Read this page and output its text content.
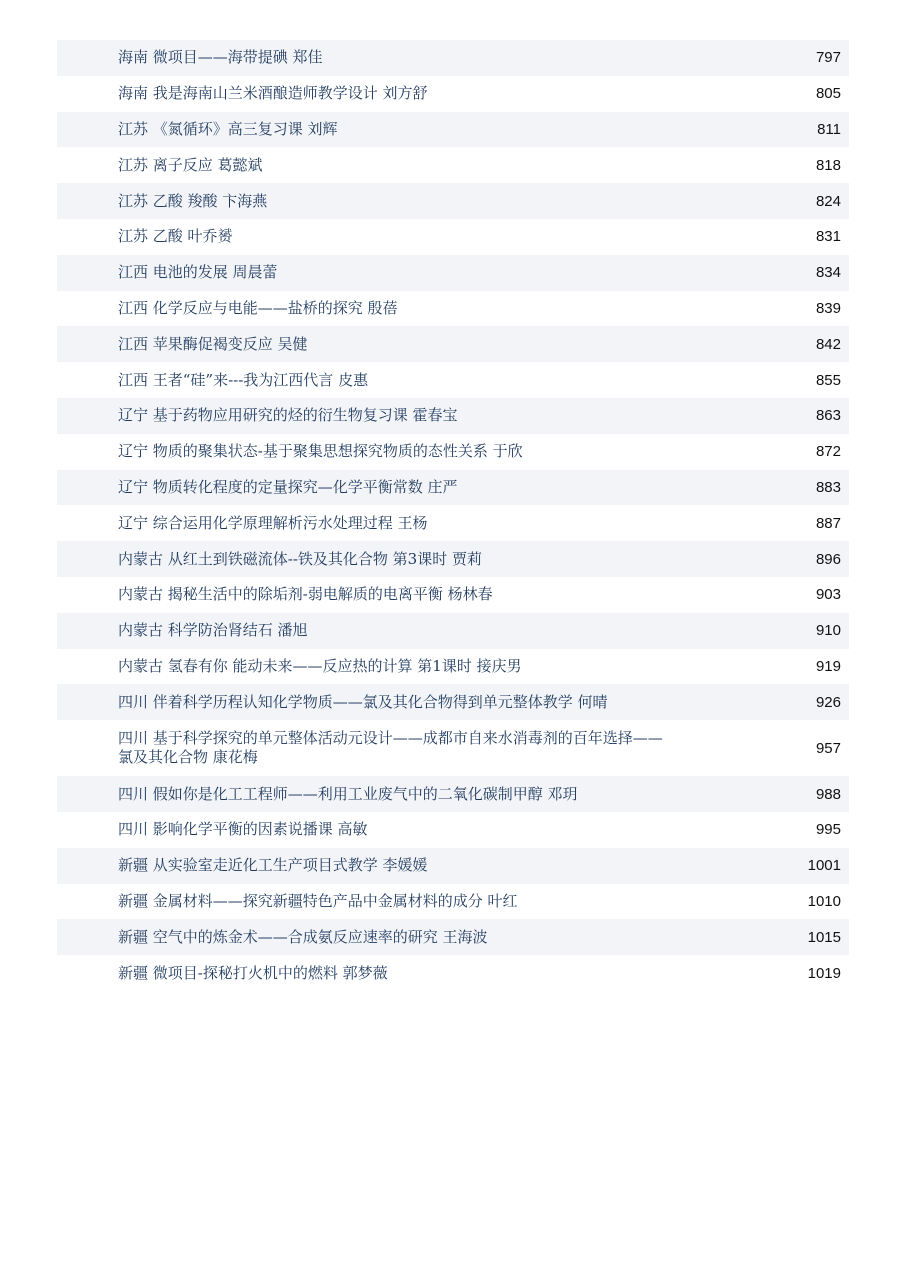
海南 微项目——海带提碘 郑佳	797
海南 我是海南山兰米酒酿造师教学设计 刘方舒	805
江苏 《氮循环》高三复习课 刘辉	811
江苏 离子反应 葛懿斌	818
江苏 乙酸 羧酸 卞海燕	824
江苏 乙酸 叶乔赟	831
江西 电池的发展 周晨蕾	834
江西 化学反应与电能——盐桥的探究 殷蓓	839
江西 苹果酶促褐变反应 吴健	842
江西 王者“硅”来---我为江西代言 皮惠	855
辽宁 基于药物应用研究的烃的衍生物复习课 霍春宝	863
辽宁 物质的聚集状态-基于聚集思想探究物质的态性关系 于欣	872
辽宁 物质转化程度的定量探究—化学平衡常数 庄严	883
辽宁 综合运用化学原理解析污水处理过程 王杨	887
内蒙古 从红土到铁磁流体--铁及其化合物 第3课时 贾莉	896
内蒙古 揭秘生活中的除垢剂-弱电解质的电离平衡 杨林春	903
内蒙古 科学防治肾结石 潘旭	910
内蒙古 氢春有你 能动未来——反应热的计算 第1课时 接庆男	919
四川 伴着科学历程认知化学物质——氯及其化合物得到单元整体教学 何晴	926
四川 基于科学探究的单元整体活动元设计——成都市自来水消毒剂的百年选择——氯及其化合物 康花梅	957
四川 假如你是化工工程师——利用工业废气中的二氧化碳制甲醇 邓玥	988
四川 影响化学平衡的因素说播课 高敏	995
新疆 从实验室走近化工生产项目式教学 李媛媛	1001
新疆 金属材料——探究新疆特色产品中金属材料的成分 叶红	1010
新疆 空气中的炼金术——合成氨反应速率的研究 王海波	1015
新疆 微项目-探秘打火机中的燃料 郭梦薇	1019
